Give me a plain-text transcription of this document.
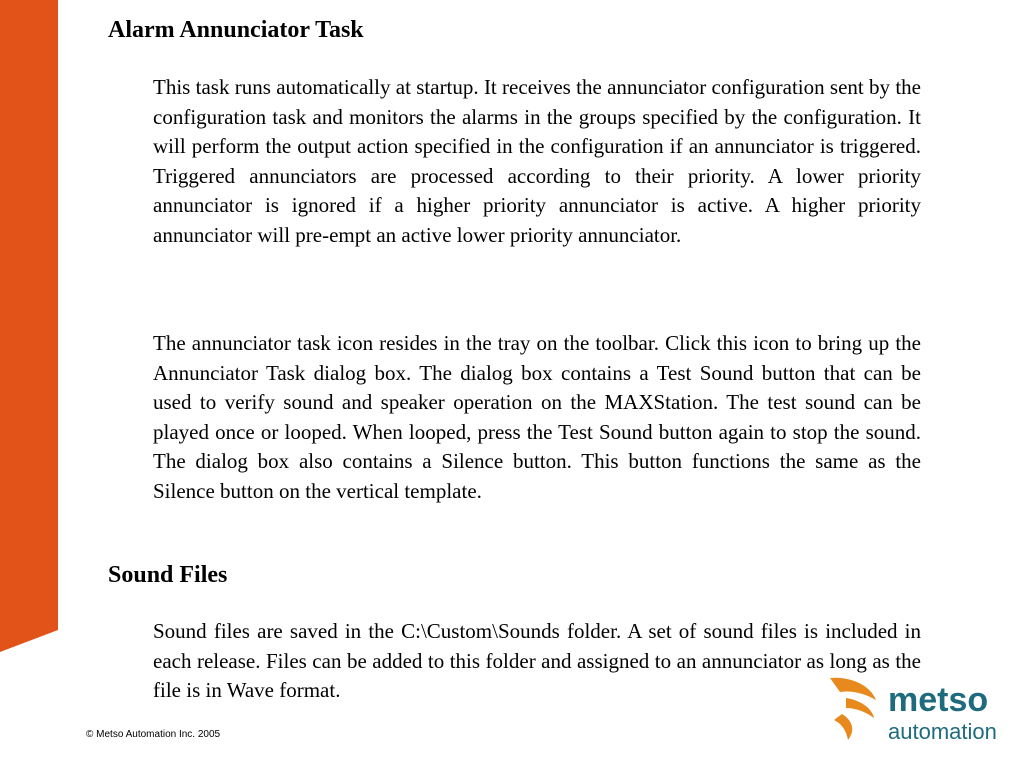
Alarm Annunciator Task

This task runs automatically at startup. It receives the annunciator configuration sent by the configuration task and monitors the alarms in the groups specified by the configuration. It will perform the output action specified in the configuration if an annunciator is triggered. Triggered annunciators are processed according to their priority. A lower priority annunciator is ignored if a higher priority annunciator is active. A higher priority annunciator will pre-empt an active lower priority annunciator.

The annunciator task icon resides in the tray on the toolbar. Click this icon to bring up the Annunciator Task dialog box. The dialog box contains a Test Sound button that can be used to verify sound and speaker operation on the MAXStation. The test sound can be played once or looped. When looped, press the Test Sound button again to stop the sound. The dialog box also contains a Silence button. This button functions the same as the Silence button on the vertical template.

Sound Files

Sound files are saved in the C:\Custom\Sounds folder. A set of sound files is included in each release. Files can be added to this folder and assigned to an annunciator as long as the file is in Wave format.

© Metso Automation Inc. 2005
metso
automation
